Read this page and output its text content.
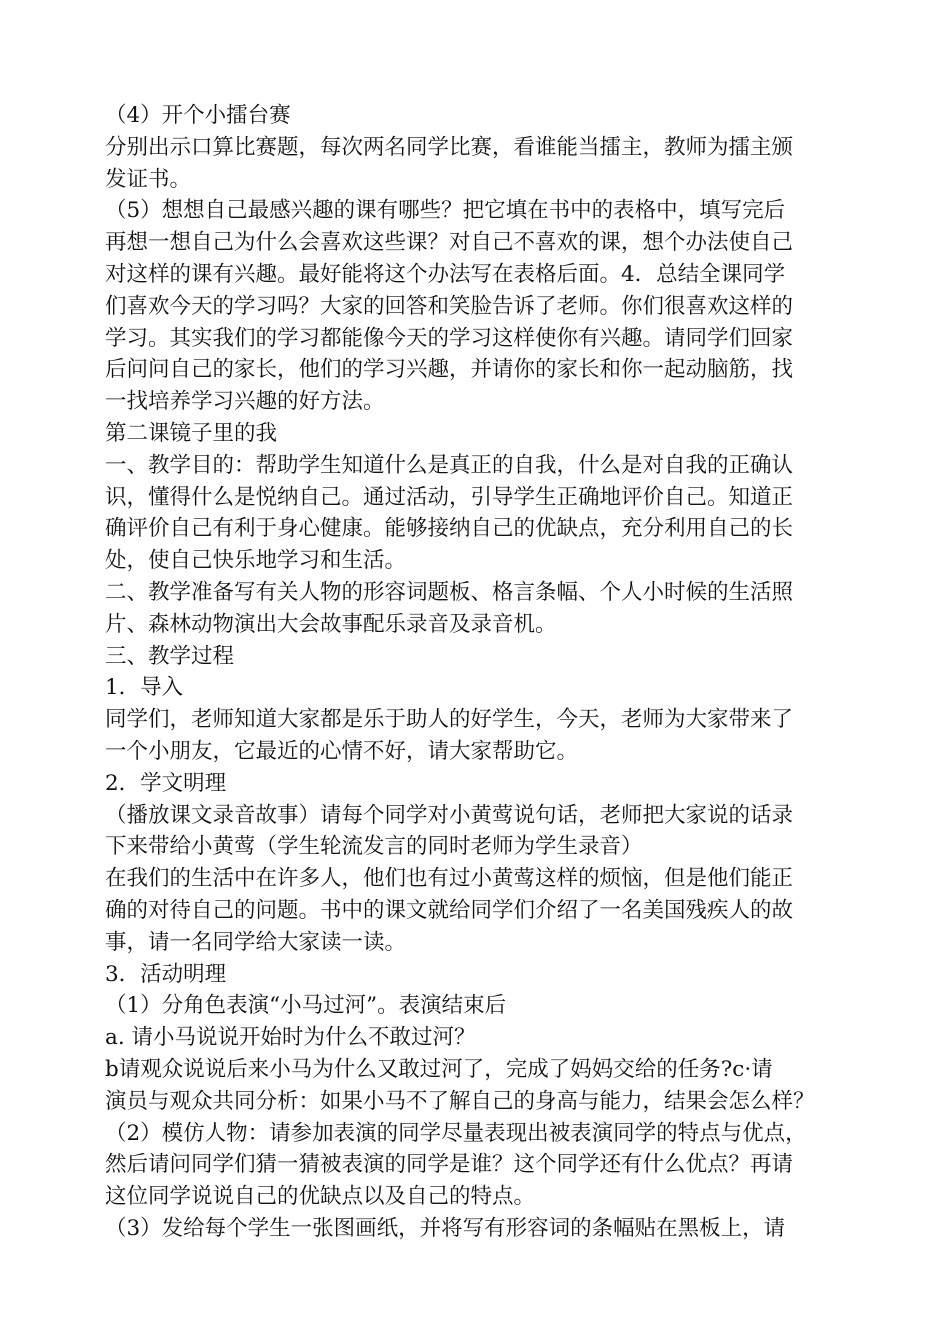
（4）开个小擂台赛
分别出示口算比赛题，每次两名同学比赛，看谁能当擂主，教师为擂主颁
发证书。
（5）想想自己最感兴趣的课有哪些？把它填在书中的表格中，填写完后
再想一想自己为什么会喜欢这些课？对自己不喜欢的课，想个办法使自己
对这样的课有兴趣。最好能将这个办法写在表格后面。4．总结全课同学
们喜欢今天的学习吗？大家的回答和笑脸告诉了老师。你们很喜欢这样的
学习。其实我们的学习都能像今天的学习这样使你有兴趣。请同学们回家
后问问自己的家长，他们的学习兴趣，并请你的家长和你一起动脑筋，找
一找培养学习兴趣的好方法。
第二课镜子里的我
一、教学目的：帮助学生知道什么是真正的自我，什么是对自我的正确认
识，懂得什么是悦纳自己。通过活动，引导学生正确地评价自己。知道正
确评价自己有利于身心健康。能够接纳自己的优缺点，充分利用自己的长
处，使自己快乐地学习和生活。
二、教学准备写有关人物的形容词题板、格言条幅、个人小时候的生活照
片、森林动物演出大会故事配乐录音及录音机。
三、教学过程
1．导入
同学们，老师知道大家都是乐于助人的好学生，今天，老师为大家带来了
一个小朋友，它最近的心情不好，请大家帮助它。
2．学文明理
（播放课文录音故事）请每个同学对小黄莺说句话，老师把大家说的话录
下来带给小黄莺（学生轮流发言的同时老师为学生录音）
在我们的生活中在许多人，他们也有过小黄莺这样的烦恼，但是他们能正
确的对待自己的问题。书中的课文就给同学们介绍了一名美国残疾人的故
事，请一名同学给大家读一读。
3．活动明理
（1）分角色表演“小马过河”。表演结束后
a. 请小马说说开始时为什么不敢过河？
b请观众说说后来小马为什么又敢过河了，完成了妈妈交给的任务?c·请
演员与观众共同分析：如果小马不了解自己的身高与能力，结果会怎么样？
（2）模仿人物：请参加表演的同学尽量表现出被表演同学的特点与优点，
然后请问同学们猜一猜被表演的同学是谁？这个同学还有什么优点？再请
这位同学说说自己的优缺点以及自己的特点。
（3）发给每个学生一张图画纸，并将写有形容词的条幅贴在黑板上，请
